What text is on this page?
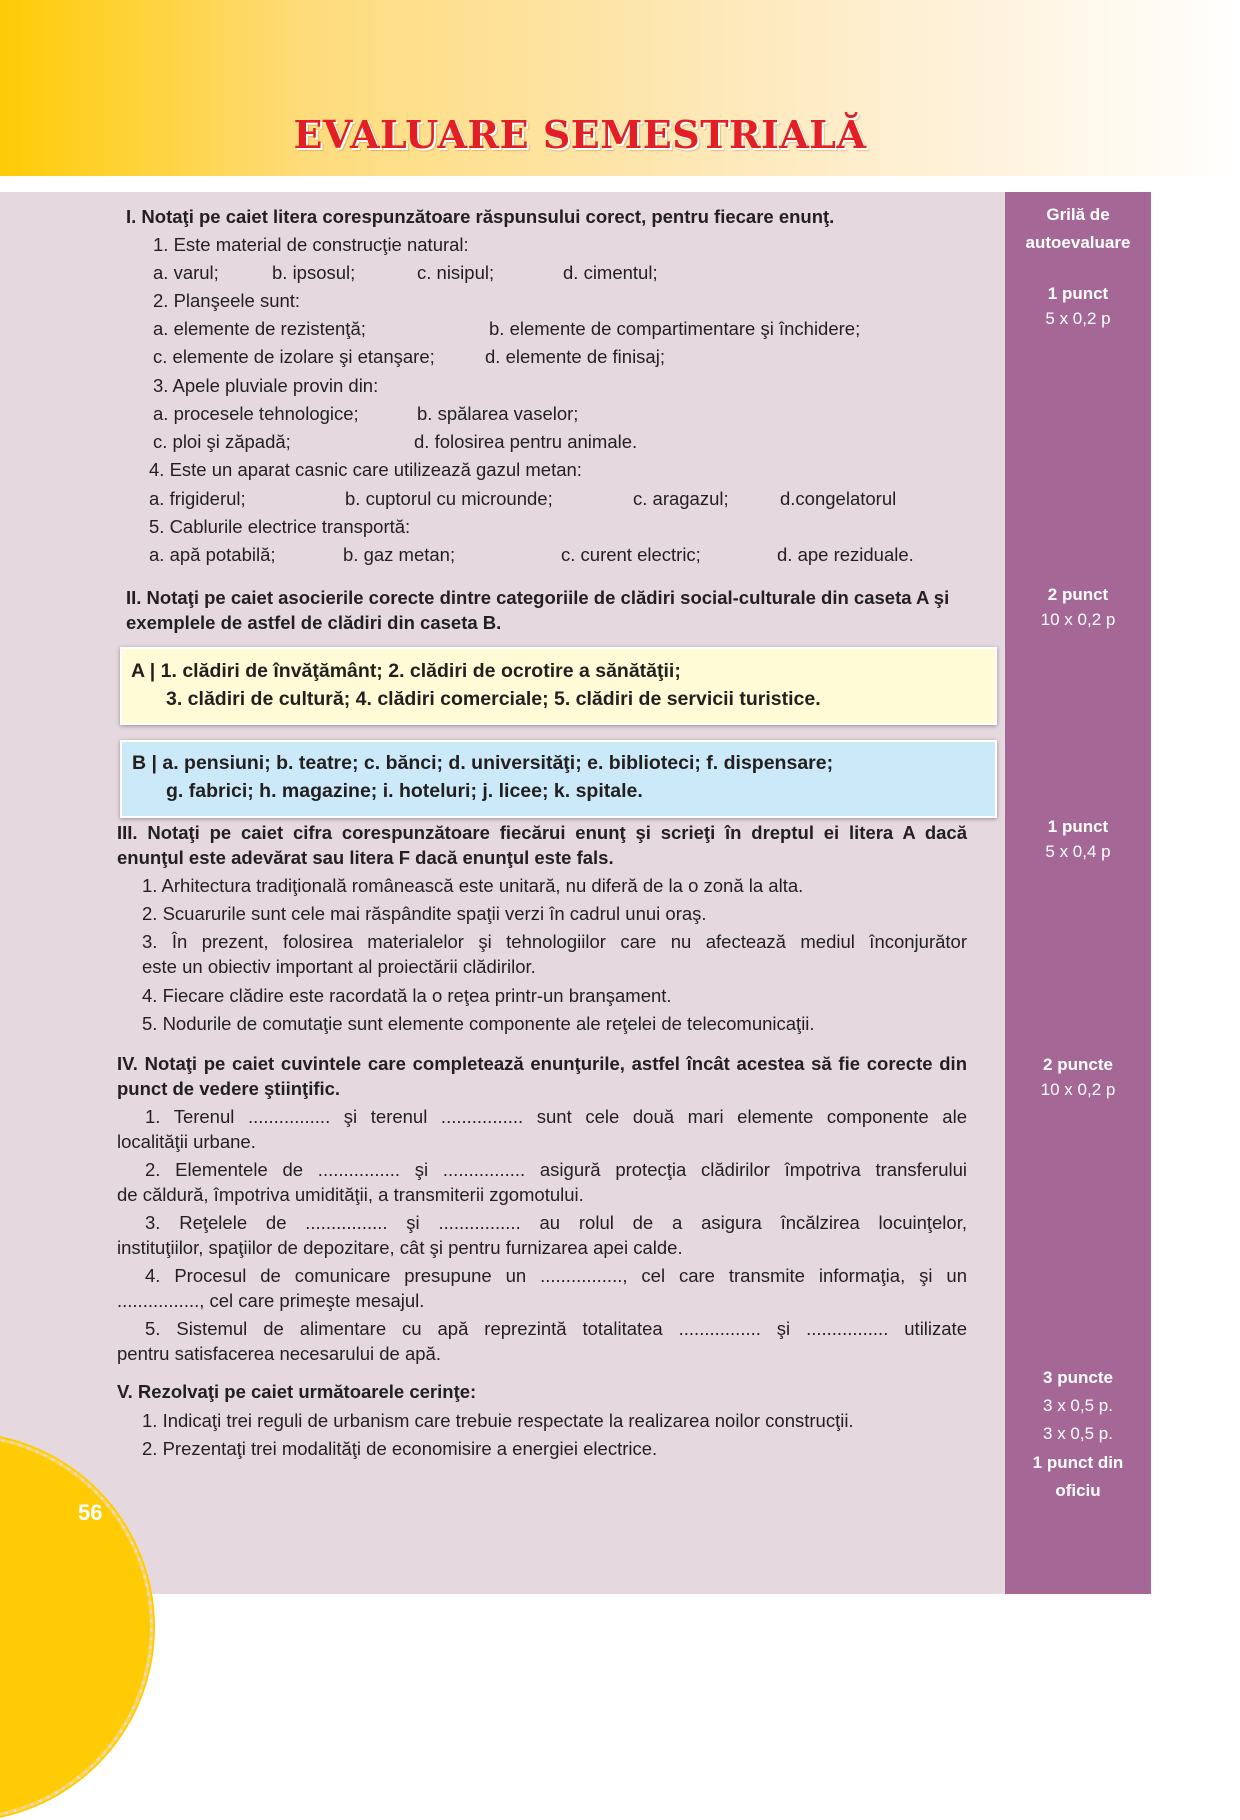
EVALUARE SEMESTRIALĂ
56
Grilă de
autoevaluare
1 punct
5 x 0,2 p
2 punct
10 x 0,2 p
1 punct
5 x 0,4 p
2 puncte
10 x 0,2 p
3 puncte
3 x 0,5 p.
3 x 0,5 p.
1 punct din
oficiu
I. Notaţi pe caiet litera corespunzătoare răspunsului corect, pentru fiecare enunţ.
1. Este material de construcţie natural:
a. varul;	b. ipsosul;	c. nisipul;	d. cimentul;
2. Planşeele sunt:
a. elemente de rezistenţă;	b. elemente de compartimentare şi închidere;
c. elemente de izolare şi etanşare;	d. elemente de finisaj;
3. Apele pluviale provin din:
a. procesele tehnologice;	b. spălarea vaselor;
c. ploi şi zăpadă;	d. folosirea pentru animale.
4. Este un aparat casnic care utilizează gazul metan:
a. frigiderul;	b. cuptorul cu microunde;	c. aragazul;	d.congelatorul
5. Cablurile electrice transportă:
a. apă potabilă;	b. gaz metan;	c. curent electric;	d. ape reziduale.
II. Notaţi pe caiet asocierile corecte dintre categoriile de clădiri social-culturale din caseta A şi
exemplele de astfel de clădiri din caseta B.
A | 1. clădiri de învăţământ; 2. clădiri de ocrotire a sănătăţii;
3. clădiri de cultură; 4. clădiri comerciale; 5. clădiri de servicii turistice.
B | a. pensiuni; b. teatre; c. bănci; d. universităţi; e. biblioteci; f. dispensare;
g. fabrici; h. magazine; i. hoteluri; j. licee; k. spitale.
III. Notaţi pe caiet cifra corespunzătoare fiecărui enunţ şi scrieţi în dreptul ei litera A dacă
enunţul este adevărat sau litera F dacă enunţul este fals.
1. Arhitectura tradiţională românească este unitară, nu diferă de la o zonă la alta.
2. Scuarurile sunt cele mai răspândite spaţii verzi în cadrul unui oraş.
3. În prezent, folosirea materialelor şi tehnologiilor care nu afectează mediul înconjurător
este un obiectiv important al proiectării clădirilor.
4. Fiecare clădire este racordată la o reţea printr-un branşament.
5. Nodurile de comutaţie sunt elemente componente ale reţelei de telecomunicaţii.
IV. Notaţi pe caiet cuvintele care completează enunţurile, astfel încât acestea să fie corecte din
punct de vedere ştiinţific.
1. Terenul ................ şi terenul ................ sunt cele două mari elemente componente ale
localităţii urbane.
2. Elementele de ................ şi ................ asigură protecţia clădirilor împotriva transferului
de căldură, împotriva umidităţii, a transmiterii zgomotului.
3. Reţelele de ................ şi ................ au rolul de a asigura încălzirea locuinţelor,
instituţiilor, spaţiilor de depozitare, cât şi pentru furnizarea apei calde.
4. Procesul de comunicare presupune un ................, cel care transmite informaţia, şi un
................, cel care primeşte mesajul.
5. Sistemul de alimentare cu apă reprezintă totalitatea ................ şi ................ utilizate
pentru satisfacerea necesarului de apă.
V. Rezolvaţi pe caiet următoarele cerinţe:
1. Indicaţi trei reguli de urbanism care trebuie respectate la realizarea noilor construcţii.
2. Prezentaţi trei modalităţi de economisire a energiei electrice.
